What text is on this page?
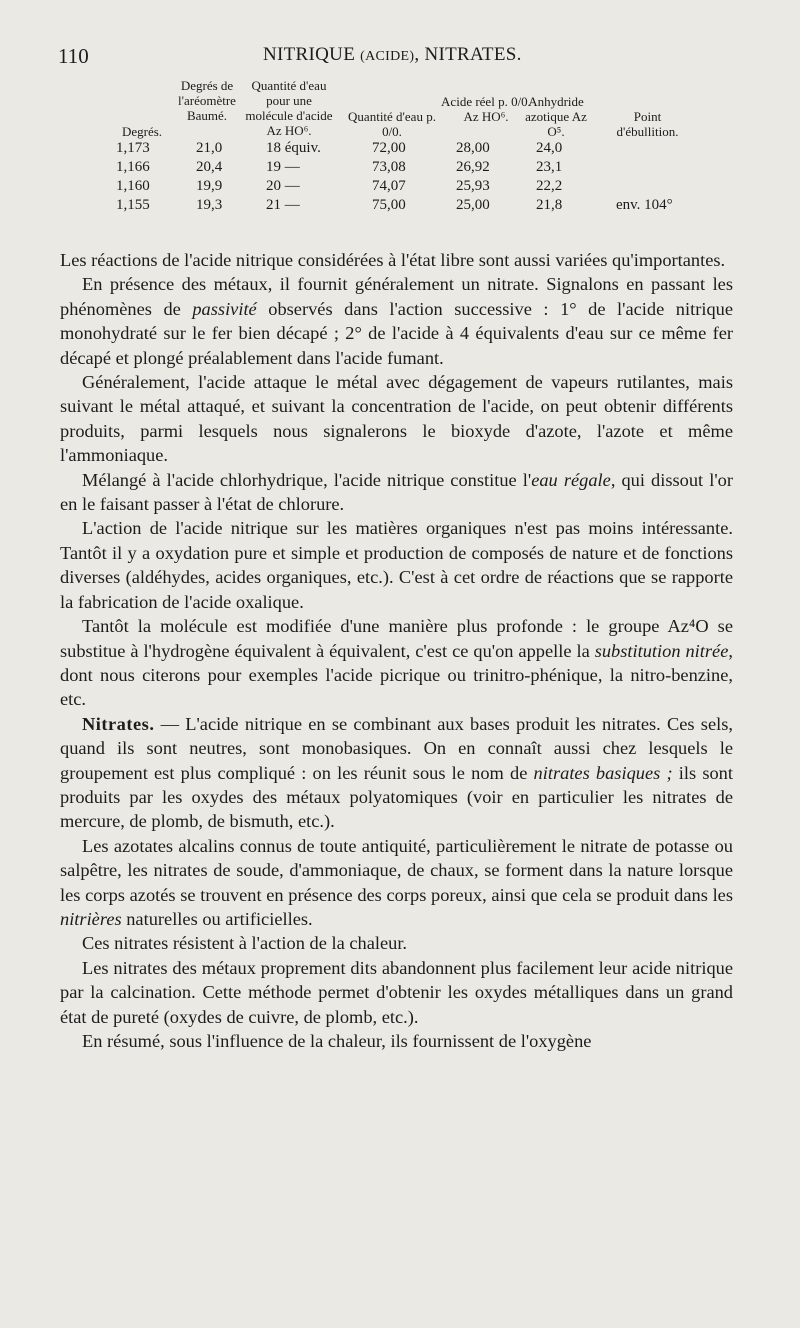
110	NITRIQUE (ACIDE), NITRATES.
Degrés.
Degrés de l'aréomètre Baumé.
Quantité d'eau pour une molécule d'acide Az HO⁶.
Quantité d'eau p. 0/0.
Acide réel p. 0/0. Az HO⁶.
Anhydride azotique Az O⁵.
Point d'ébullition.
1,173	21,0	18 équiv.	72,00	28,00	24,0
1,166	20,4	19 —	73,08	26,92	23,1
1,160	19,9	20 —	74,07	25,93	22,2
1,155	19,3	21 —	75,00	25,00	21,8	env. 104°

Les réactions de l'acide nitrique considérées à l'état libre sont aussi variées qu'importantes.

En présence des métaux, il fournit généralement un nitrate. Signalons en passant les phénomènes de passivité observés dans l'action successive : 1° de l'acide nitrique monohydraté sur le fer bien décapé ; 2° de l'acide à 4 équivalents d'eau sur ce même fer décapé et plongé préalablement dans l'acide fumant.

Généralement, l'acide attaque le métal avec dégagement de vapeurs rutilantes, mais suivant le métal attaqué, et suivant la concentration de l'acide, on peut obtenir différents produits, parmi lesquels nous signalerons le bioxyde d'azote, l'azote et même l'ammoniaque.

Mélangé à l'acide chlorhydrique, l'acide nitrique constitue l'eau régale, qui dissout l'or en le faisant passer à l'état de chlorure.

L'action de l'acide nitrique sur les matières organiques n'est pas moins intéressante. Tantôt il y a oxydation pure et simple et production de composés de nature et de fonctions diverses (aldéhydes, acides organiques, etc.). C'est à cet ordre de réactions que se rapporte la fabrication de l'acide oxalique.

Tantôt la molécule est modifiée d'une manière plus profonde : le groupe Az⁴O se substitue à l'hydrogène équivalent à équivalent, c'est ce qu'on appelle la substitution nitrée, dont nous citerons pour exemples l'acide picrique ou trinitro-phénique, la nitro-benzine, etc.

Nitrates. — L'acide nitrique en se combinant aux bases produit les nitrates. Ces sels, quand ils sont neutres, sont monobasiques. On en connaît aussi chez lesquels le groupement est plus compliqué : on les réunit sous le nom de nitrates basiques ; ils sont produits par les oxydes des métaux polyatomiques (voir en particulier les nitrates de mercure, de plomb, de bismuth, etc.).

Les azotates alcalins connus de toute antiquité, particulièrement le nitrate de potasse ou salpêtre, les nitrates de soude, d'ammoniaque, de chaux, se forment dans la nature lorsque les corps azotés se trouvent en présence des corps poreux, ainsi que cela se produit dans les nitrières naturelles ou artificielles.

Ces nitrates résistent à l'action de la chaleur.

Les nitrates des métaux proprement dits abandonnent plus facilement leur acide nitrique par la calcination. Cette méthode permet d'obtenir les oxydes métalliques dans un grand état de pureté (oxydes de cuivre, de plomb, etc.).

En résumé, sous l'influence de la chaleur, ils fournissent de l'oxygène
